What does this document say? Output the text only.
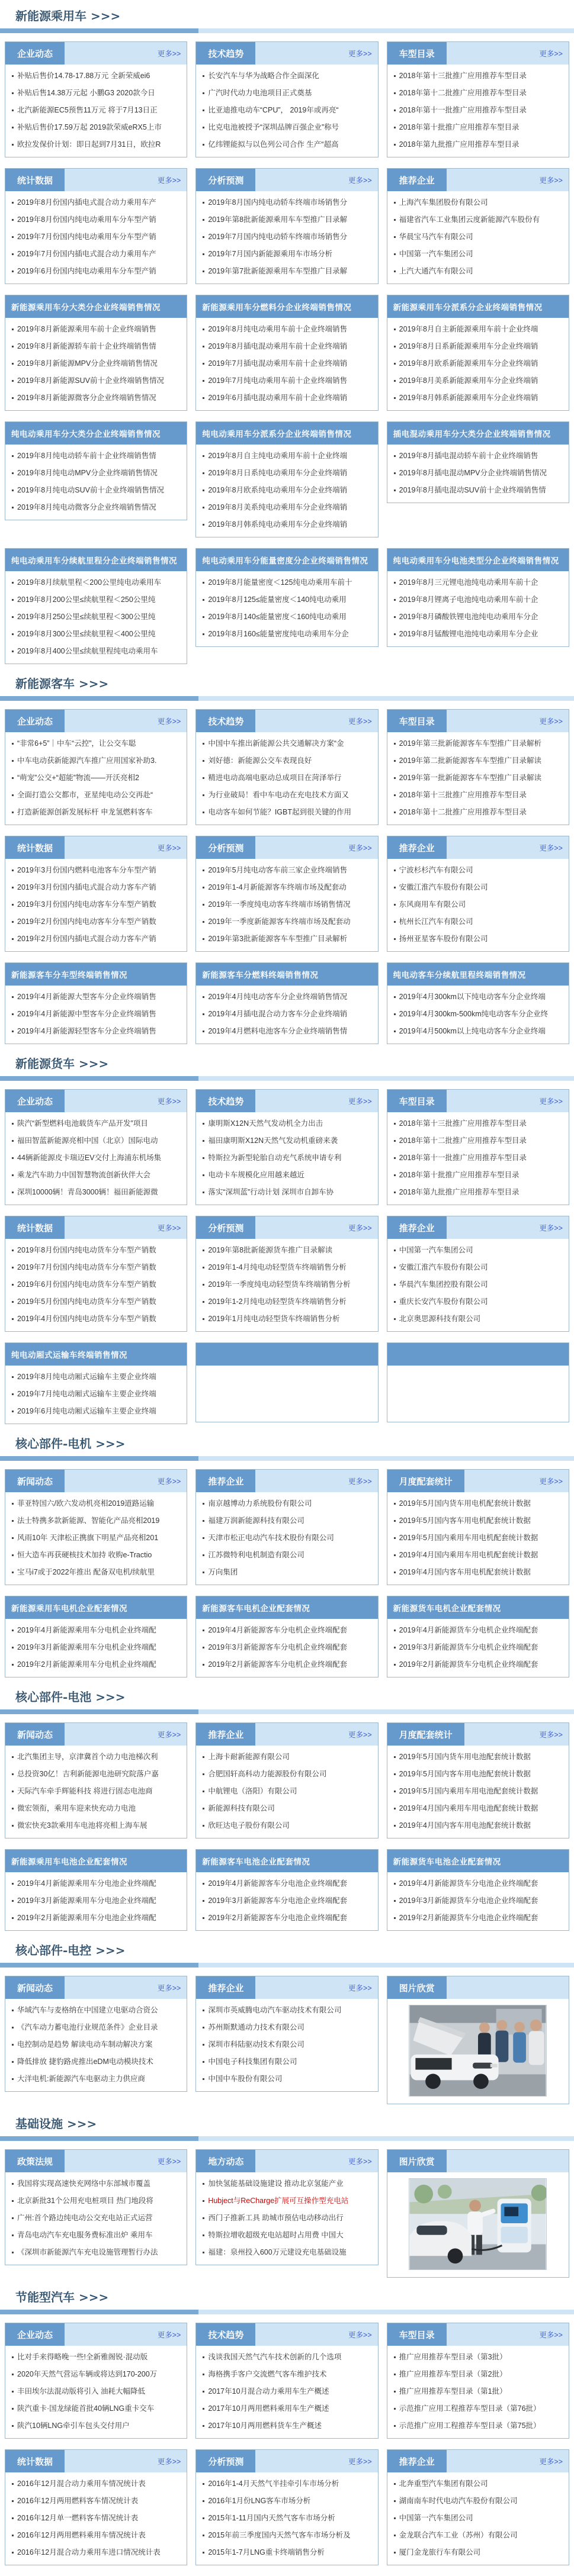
新能源乘用车 >>>
企业动态	更多>>
补贴后售价14.78-17.88万元 全新荣威ei6
补贴后售14.38万元起 小鹏G3 2020款今日
北汽新能源EC5预售11万元 将于7月13日正
补贴后售价17.59万起 2019款荣威eRX5上市
欧拉发保价计划：即日起到7月31日，欧拉R
技术趋势	更多>>
长安汽车与华为战略合作全面深化
广汽时代动力电池项目正式奠基
比亚迪推电动车“CPU”， 2019年或再亮“
比克电池被授予“深圳品牌百强企业”称号
亿纬锂能拟与以色列公司合作 生产“超高
车型目录	更多>>
2018年第十三批推广应用推荐车型目录
2018年第十二批推广应用推荐车型目录
2018年第十一批推广应用推荐车型目录
2018年第十批推广应用推荐车型目录
2018年第九批推广应用推荐车型目录
统计数据	更多>>
2019年8月份国内插电式混合动力乘用车产
2019年8月份国内纯电动乘用车分车型产销
2019年7月份国内纯电动乘用车分车型产销
2019年7月份国内插电式混合动力乘用车产
2019年6月份国内纯电动乘用车分车型产销
分析预测	更多>>
2019年8月国内纯电动轿车终端市场销售分
2019年第8批新能源乘用车车型推广目录解
2019年7月国内纯电动轿车终端市场销售分
2019年7月国内新能源乘用车市场分析
2019年第7批新能源乘用车车型推广目录解
推荐企业	更多>>
上海汽车集团股份有限公司
福建省汽车工业集团云度新能源汽车股份有
华晨宝马汽车有限公司
中国第一汽车集团公司
上汽大通汽车有限公司
新能源乘用车分大类分企业终端销售情况
2019年8月新能源乘用车前十企业终端销售
2019年8月新能源轿车前十企业终端销售情
2019年8月新能源MPV分企业终端销售情况
2019年8月新能源SUV前十企业终端销售情况
2019年8月新能源微客分企业终端销售情况
新能源乘用车分燃料分企业终端销售情况
2019年8月纯电动乘用车前十企业终端销售
2019年8月插电混动乘用车前十企业终端销
2019年7月插电混动乘用车前十企业终端销
2019年7月纯电动乘用车前十企业终端销售
2019年6月插电混动乘用车前十企业终端销
新能源乘用车分派系分企业终端销售情况
2019年8月自主新能源乘用车前十企业终端
2019年8月日系新能源乘用车分企业终端销
2019年8月欧系新能源乘用车分企业终端销
2019年8月美系新能源乘用车分企业终端销
2019年8月韩系新能源乘用车分企业终端销
纯电动乘用车分大类分企业终端销售情况
2019年8月纯电动轿车前十企业终端销售情
2019年8月纯电动MPV分企业终端销售情况
2019年8月纯电动SUV前十企业终端销售情况
2019年8月纯电动微客分企业终端销售情况
纯电动乘用车分派系分企业终端销售情况
2019年8月自主纯电动乘用车前十企业终端
2019年8月日系纯电动乘用车分企业终端销
2019年8月欧系纯电动乘用车分企业终端销
2019年8月美系纯电动乘用车分企业终端销
2019年8月韩系纯电动乘用车分企业终端销
插电混动乘用车分大类分企业终端销售情况
2019年8月插电混动轿车前十企业终端销售
2019年8月插电混动MPV分企业终端销售情况
2019年8月插电混动SUV前十企业终端销售情
纯电动乘用车分续航里程分企业终端销售情况
2019年8月续航里程＜200公里纯电动乘用车
2019年8月200公里≤续航里程＜250公里纯
2019年8月250公里≤续航里程＜300公里纯
2019年8月300公里≤续航里程＜400公里纯
2019年8月400公里≤续航里程纯电动乘用车
纯电动乘用车分能量密度分企业终端销售情况
2019年8月能量密度＜125纯电动乘用车前十
2019年8月125≤能量密度＜140纯电动乘用
2019年8月140≤能量密度＜160纯电动乘用
2019年8月160≤能量密度纯电动乘用车分企
纯电动乘用车分电池类型分企业终端销售情况
2019年8月三元锂电池纯电动乘用车前十企
2019年8月锂离子电池纯电动乘用车前十企
2019年8月磷酸铁锂电池纯电动乘用车分企
2019年8月锰酸锂电池纯电动乘用车分企业
新能源客车 >>>
企业动态	更多>>
“非常6+5”｜中车“云控”，让公交车聪
中车电动获新能源汽车推广应用国家补助3.
“萌宠”公交+“超能”物流——开沃亮相2
全面打造公交都市，亚星纯电动公交再赴“
打造新能源创新发展标杆 申龙氢燃料客车
技术趋势	更多>>
中国中车推出新能源公共交通解决方案“金
刘好德：新能源公交车表现良好
精进电动高端电驱动总成项目在菏泽举行
为行业破局！看中车电动在充电技术方面又
电动客车如何节能？IGBT起到很关键的作用
车型目录	更多>>
2019年第三批新能源客车车型推广目录解析
2019年第二批新能源客车车型推广目录解读
2019年第一批新能源客车车型推广目录解读
2018年第十三批推广应用推荐车型目录
2018年第十二批推广应用推荐车型目录
统计数据	更多>>
2019年3月份国内燃料电池客车分车型产销
2019年3月份国内插电式混合动力客车产销
2019年3月份国内纯电动客车分车型产销数
2019年2月份国内纯电动客车分车型产销数
2019年2月份国内插电式混合动力客车产销
分析预测	更多>>
2019年5月纯电动客车前三家企业终端销售
2019年1-4月新能源客车终端市场及配套动
2019年一季度纯电动客车终端市场销售情况
2019年一季度新能源客车终端市场及配套动
2019年第3批新能源客车车型推广目录解析
推荐企业	更多>>
宁波杉杉汽车有限公司
安徽江淮汽车股份有限公司
东风商用车有限公司
杭州长江汽车有限公司
扬州亚星客车股份有限公司
新能源客车分车型终端销售情况
2019年4月新能源大型客车分企业终端销售
2019年4月新能源中型客车分企业终端销售
2019年4月新能源轻型客车分企业终端销售
新能源客车分燃料终端销售情况
2019年4月纯电动客车分企业终端销售情况
2019年4月插电混合动力客车分企业终端销
2019年4月燃料电池客车分企业终端销售情
纯电动客车分续航里程终端销售情况
2019年4月300km以下纯电动客车分企业终端
2019年4月300km-500km纯电动客车分企业终
2019年4月500km以上纯电动客车分企业终端
新能源货车 >>>
企业动态	更多>>
陕汽“新型燃料电池载货车产品开发”项目
福田智蓝新能源亮相中国（北京）国际电动
44辆新能源皮卡瑞迈EV交付上海浦东机场集
乘龙汽车助力中国智慧物流创新伙伴大会
深圳10000辆！青岛3000辆！福田新能源微
技术趋势	更多>>
康明斯X12N天然气发动机全力出击
福田康明斯X12N天然气发动机重磅来袭
特斯拉为新型轮胎自动充气系统申请专利
电动卡车规模化应用越来越近
落实“深圳蓝”行动计划 深圳市自卸车协
车型目录	更多>>
2018年第十三批推广应用推荐车型目录
2018年第十二批推广应用推荐车型目录
2018年第十一批推广应用推荐车型目录
2018年第十批推广应用推荐车型目录
2018年第九批推广应用推荐车型目录
统计数据	更多>>
2019年8月份国内纯电动货车分车型产销数
2019年7月份国内纯电动货车分车型产销数
2019年6月份国内纯电动货车分车型产销数
2019年5月份国内纯电动货车分车型产销数
2019年4月份国内纯电动货车分车型产销数
分析预测	更多>>
2019年第8批新能源货车推广目录解读
2019年1-4月纯电动轻型货车终端销售分析
2019年一季度纯电动轻型货车终端销售分析
2019年1-2月纯电动轻型货车终端销售分析
2019年1月纯电动轻型货车终端销售分析
推荐企业	更多>>
中国第一汽车集团公司
安徽江淮汽车股份有限公司
华晨汽车集团控股有限公司
重庆长安汽车股份有限公司
北京奥思源科技有限公司
纯电动厢式运输车终端销售情况
2019年8月纯电动厢式运输车主要企业终端
2019年7月纯电动厢式运输车主要企业终端
2019年6月纯电动厢式运输车主要企业终端
核心部件-电机 >>>
新闻动态	更多>>
菲亚特国六/欧六发动机亮相2019道路运输
法士特携多款新能源、智能化产品亮相2019
风雨10年 天津松正携旗下明星产品亮相201
恒大造车再获硬核技术加持 收购e-Tractio
宝马i7或于2022年推出 配备双电机/续航里
推荐企业	更多>>
南京越博动力系统股份有限公司
福建万润新能源科技有限公司
天津市松正电动汽车技术股份有限公司
江苏微特利电机制造有限公司
万向集团
月度配套统计	更多>>
2019年5月国内货车用电机配套统计数据
2019年5月国内客车用电机配套统计数据
2019年5月国内乘用车用电机配套统计数据
2019年4月国内乘用车用电机配套统计数据
2019年4月国内客车用电机配套统计数据
新能源乘用车电机企业配套情况
2019年4月新能源乘用车分电机企业终端配
2019年3月新能源乘用车分电机企业终端配
2019年2月新能源乘用车分电机企业终端配
新能源客车电机企业配套情况
2019年4月新能源客车分电机企业终端配套
2019年3月新能源客车分电机企业终端配套
2019年2月新能源客车分电机企业终端配套
新能源货车电机企业配套情况
2019年4月新能源货车分电机企业终端配套
2019年3月新能源货车分电机企业终端配套
2019年2月新能源货车分电机企业终端配套
核心部件-电池 >>>
新闻动态	更多>>
北汽集团主导，京津冀首个动力电池梯次利
总投资30亿！吉利新能源电池研究院落户嘉
天际汽车牵手辉能科技 将进行固态电池商
微宏领衔，乘用车迎来快充动力电池
微宏快充3款乘用车电池将亮相上海车展
推荐企业	更多>>
上海卡耐新能源有限公司
合肥国轩高科动力能源股份有限公司
中航锂电（洛阳）有限公司
新能源科技有限公司
欣旺达电子股份有限公司
月度配套统计	更多>>
2019年5月国内货车用电池配套统计数据
2019年5月国内客车用电池配套统计数据
2019年5月国内乘用车用电池配套统计数据
2019年4月国内乘用车用电池配套统计数据
2019年4月国内客车用电池配套统计数据
新能源乘用车电池企业配套情况
2019年4月新能源乘用车分电池企业终端配
2019年3月新能源乘用车分电池企业终端配
2019年2月新能源乘用车分电池企业终端配
新能源客车电池企业配套情况
2019年4月新能源客车分电池企业终端配套
2019年3月新能源客车分电池企业终端配套
2019年2月新能源客车分电池企业终端配套
新能源货车电池企业配套情况
2019年4月新能源货车分电池企业终端配套
2019年3月新能源货车分电池企业终端配套
2019年2月新能源货车分电池企业终端配套
核心部件-电控 >>>
新闻动态	更多>>
华域汽车与麦格纳在中国建立电驱动合资公
《汽车动力蓄电池行业规范条件》企业目录
电控制动是趋势 解读电动车制动解决方案
降低排放 捷豹路虎推出eDM电动模块技术
大洋电机:新能源汽车电驱动主力供应商
推荐企业	更多>>
深圳市英威腾电动汽车驱动技术有限公司
苏州斯默通动力技术有限公司
深圳市科陆驱动技术有限公司
中国电子科技集团有限公司
中国中车股份有限公司
图片欣赏
基础设施 >>>
政策法规	更多>>
我国将实现高速快充网络中东部城市覆盖
北京新批31个公用充电桩项目 热门地段将
广州:首个路边纯电动公交充电站正式运营
青岛电动汽车充电服务费标准出炉 乘用车
《深圳市新能源汽车充电设施管理暂行办法
地方动态	更多>>
加快氢能基础设施建设 推动北京氢能产业
Hubject与ReCharge扩展可互操作型充电站
西门子推新工具 助城市预估电动移动出行
特斯拉增收超级充电站超时占用费 中国大
福建：泉州投入600万元建设充电基础设施
图片欣赏
节能型汽车 >>>
企业动态	更多>>
比对手来得略晚一些!全新雅阁锐·混动版
2020年天然气营运车辆或将达到170-200万
丰田埃尔法混动版将引入 油耗大幅降低
陕汽重卡·国龙绿能首批40辆LNG重卡交车
陕汽10辆LNG牵引车包头交付用户
技术趋势	更多>>
浅谈我国天然气汽车技术创新的几个选项
海格携手客户交流燃气客车维护技术
2017年10月混合动力乘用车生产概述
2017年10月两用燃料乘用车生产概述
2017年10月两用燃料货车生产概述
车型目录	更多>>
推广应用推荐车型目录（第3批）
推广应用推荐车型目录（第2批）
推广应用推荐车型目录（第1批）
示范推广应用工程推荐车型目录（第76批）
示范推广应用工程推荐车型目录（第75批）
统计数据	更多>>
2016年12月混合动力乘用车情况统计表
2016年12月两用燃料客车情况统计表
2016年12月单一燃料客车情况统计表
2016年12月两用燃料乘用车情况统计表
2016年12月混合动力乘用车进口情况统计表
分析预测	更多>>
2016年1-4月天然气半挂牵引车市场分析
2016年1月份LNG客车市场分析
2015年1-11月国内天然气客车市场分析
2015年前三季度国内天然气客车市场分析及
2015年1-7月LNG重卡终端销售分析
推荐企业	更多>>
北奔重型汽车集团有限公司
湖南南车时代电动汽车股份有限公司
中国第一汽车集团公司
金龙联合汽车工业（苏州）有限公司
厦门金龙旅行车有限公司
